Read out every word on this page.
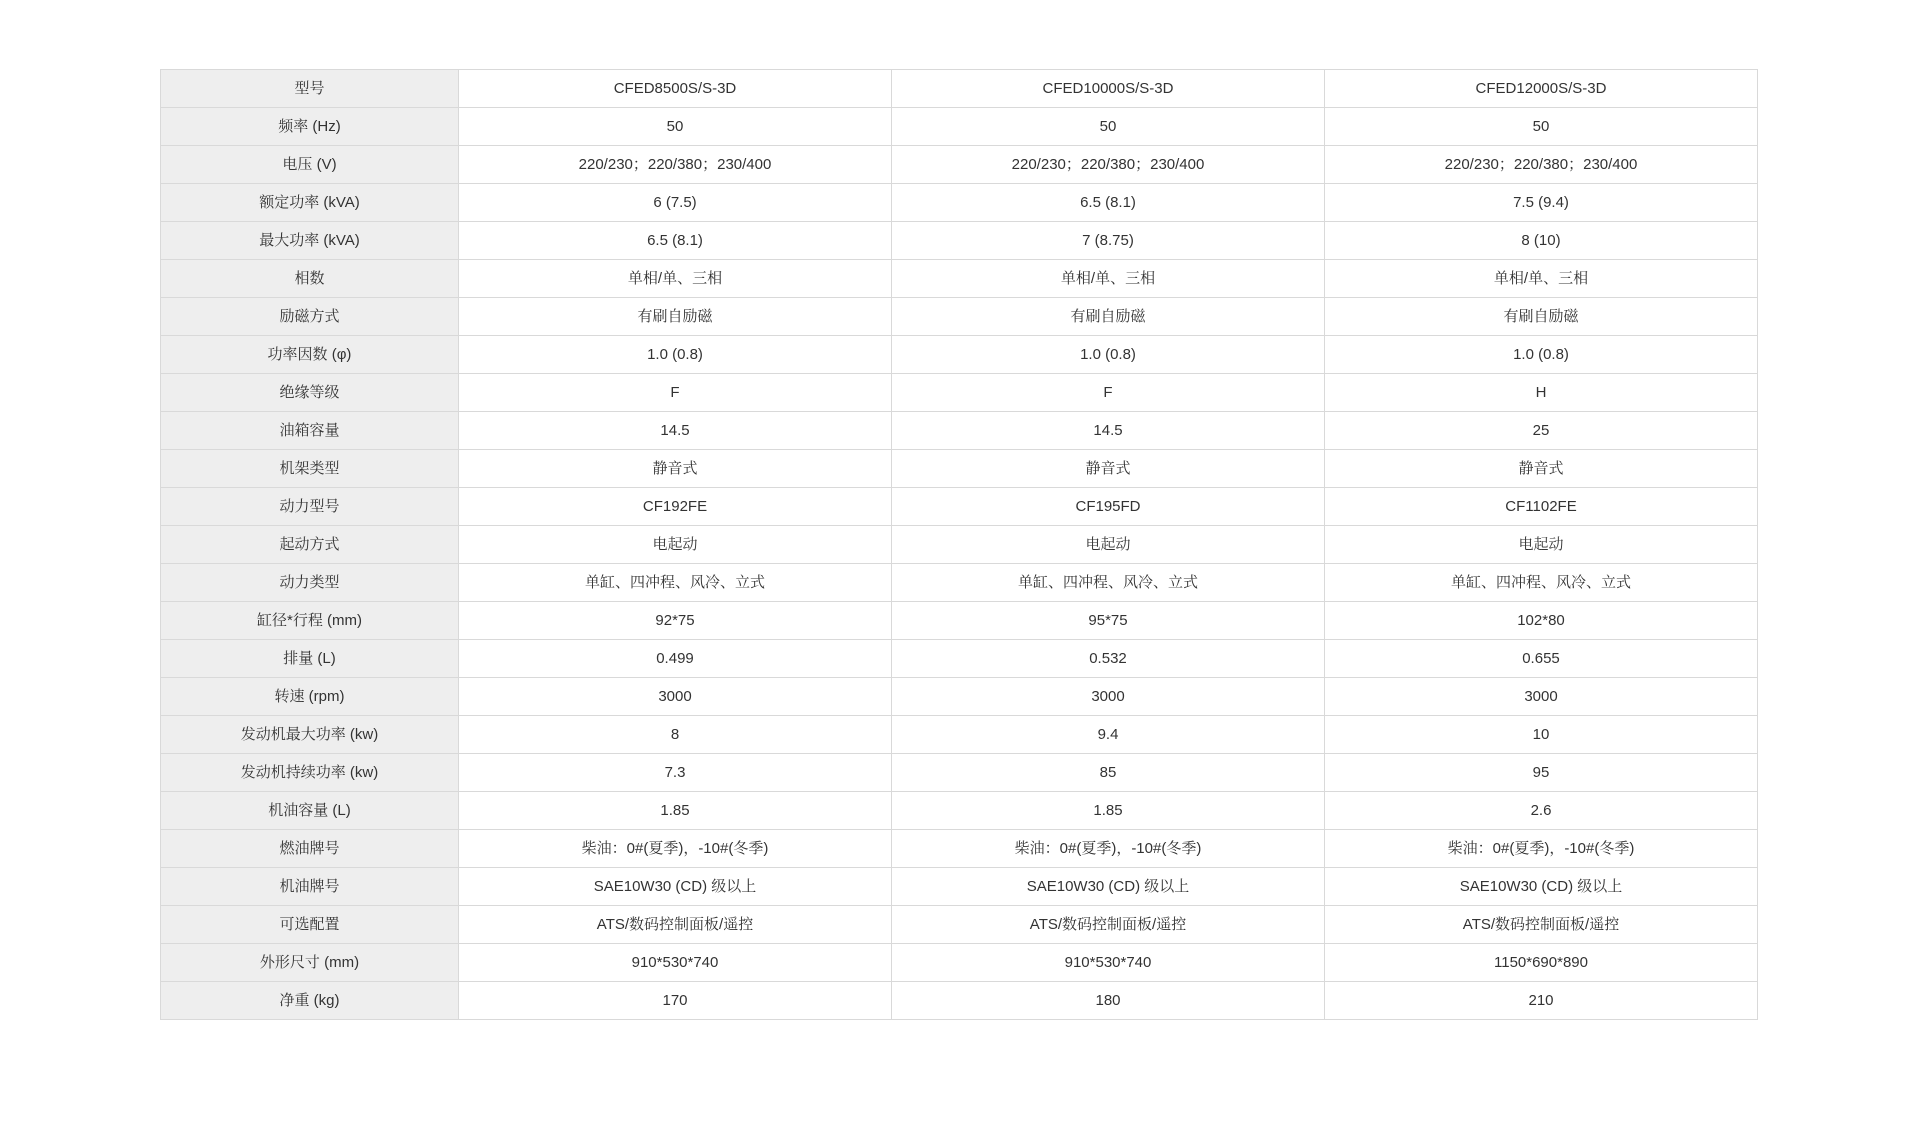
型号	CFED8500S/S-3D	CFED10000S/S-3D	CFED12000S/S-3D
频率 (Hz)	50	50	50
电压 (V)	220/230；220/380；230/400	220/230；220/380；230/400	220/230；220/380；230/400
额定功率 (kVA)	6 (7.5)	6.5 (8.1)	7.5 (9.4)
最大功率 (kVA)	6.5 (8.1)	7 (8.75)	8 (10)
相数	单相/单、三相	单相/单、三相	单相/单、三相
励磁方式	有刷自励磁	有刷自励磁	有刷自励磁
功率因数 (φ)	1.0 (0.8)	1.0 (0.8)	1.0 (0.8)
绝缘等级	F	F	H
油箱容量	14.5	14.5	25
机架类型	静音式	静音式	静音式
动力型号	CF192FE	CF195FD	CF1102FE
起动方式	电起动	电起动	电起动
动力类型	单缸、四冲程、风冷、立式	单缸、四冲程、风冷、立式	单缸、四冲程、风冷、立式
缸径*行程 (mm)	92*75	95*75	102*80
排量 (L)	0.499	0.532	0.655
转速 (rpm)	3000	3000	3000
发动机最大功率 (kw)	8	9.4	10
发动机持续功率 (kw)	7.3	85	95
机油容量 (L)	1.85	1.85	2.6
燃油牌号	柴油：0#(夏季)，-10#(冬季)	柴油：0#(夏季)，-10#(冬季)	柴油：0#(夏季)，-10#(冬季)
机油牌号	SAE10W30 (CD) 级以上	SAE10W30 (CD) 级以上	SAE10W30 (CD) 级以上
可选配置	ATS/数码控制面板/遥控	ATS/数码控制面板/遥控	ATS/数码控制面板/遥控
外形尺寸 (mm)	910*530*740	910*530*740	1150*690*890
净重 (kg)	170	180	210
